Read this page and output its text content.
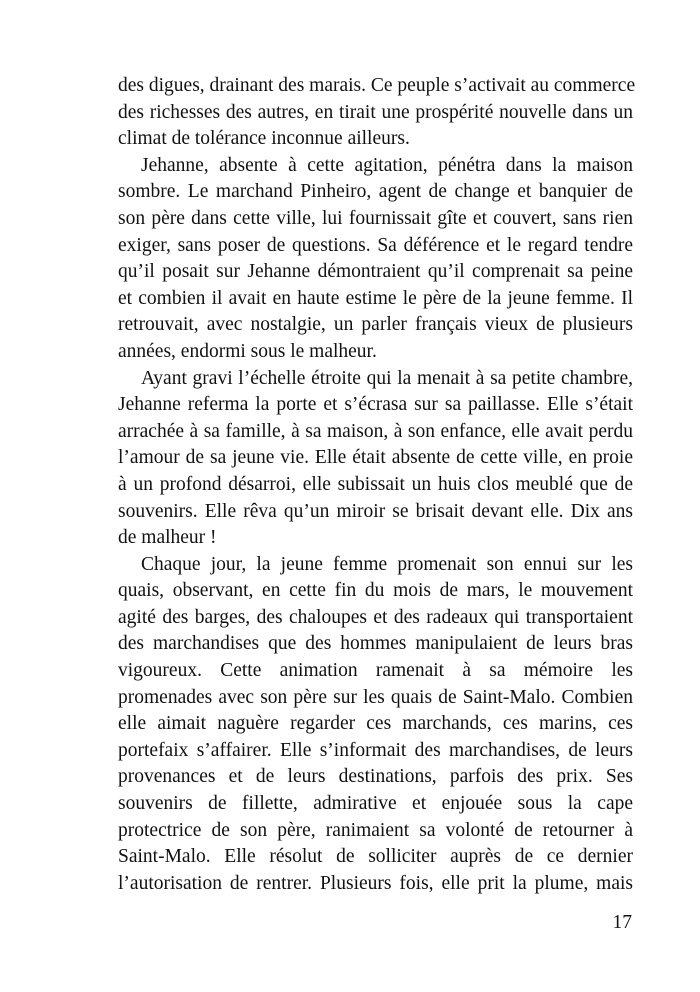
des digues, drainant des marais. Ce peuple s’activait au commerce
des richesses des autres, en tirait une prospérité nouvelle dans un
climat de tolérance inconnue ailleurs.
Jehanne, absente à cette agitation, pénétra dans la maison
sombre. Le marchand Pinheiro, agent de change et banquier de
son père dans cette ville, lui fournissait gîte et couvert, sans rien
exiger, sans poser de questions. Sa déférence et le regard tendre
qu’il posait sur Jehanne démontraient qu’il comprenait sa peine
et combien il avait en haute estime le père de la jeune femme. Il
retrouvait, avec nostalgie, un parler français vieux de plusieurs
années, endormi sous le malheur.
Ayant gravi l’échelle étroite qui la menait à sa petite chambre,
Jehanne referma la porte et s’écrasa sur sa paillasse. Elle s’était
arrachée à sa famille, à sa maison, à son enfance, elle avait perdu
l’amour de sa jeune vie. Elle était absente de cette ville, en proie
à un profond désarroi, elle subissait un huis clos meublé que de
souvenirs. Elle rêva qu’un miroir se brisait devant elle. Dix ans
de malheur !
Chaque jour, la jeune femme promenait son ennui sur les
quais, observant, en cette fin du mois de mars, le mouvement
agité des barges, des chaloupes et des radeaux qui transportaient
des marchandises que des hommes manipulaient de leurs bras
vigoureux. Cette animation ramenait à sa mémoire les
promenades avec son père sur les quais de Saint-Malo. Combien
elle aimait naguère regarder ces marchands, ces marins, ces
portefaix s’affairer. Elle s’informait des marchandises, de leurs
provenances et de leurs destinations, parfois des prix. Ses
souvenirs de fillette, admirative et enjouée sous la cape
protectrice de son père, ranimaient sa volonté de retourner à
Saint-Malo. Elle résolut de solliciter auprès de ce dernier
l’autorisation de rentrer. Plusieurs fois, elle prit la plume, mais
17
